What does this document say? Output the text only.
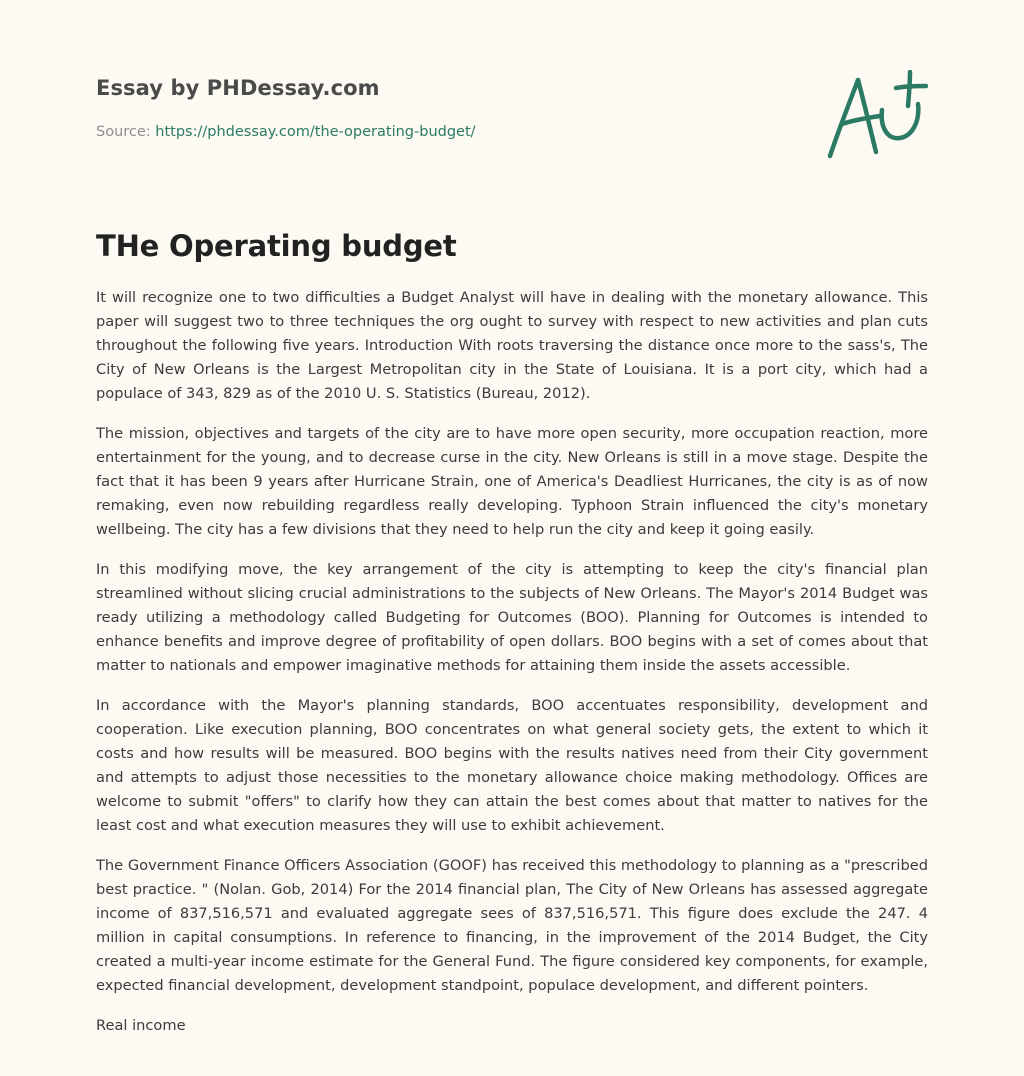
Essay by PHDessay.com
Source: https://phdessay.com/the-operating-budget/
THe Operating budget

It will recognize one to two difficulties a Budget Analyst will have in dealing with the monetary allowance. This paper will suggest two to three techniques the org ought to survey with respect to new activities and plan cuts throughout the following five years. Introduction With roots traversing the distance once more to the sass's, The City of New Orleans is the Largest Metropolitan city in the State of Louisiana. It is a port city, which had a populace of 343, 829 as of the 2010 U. S. Statistics (Bureau, 2012).

The mission, objectives and targets of the city are to have more open security, more occupation reaction, more entertainment for the young, and to decrease curse in the city. New Orleans is still in a move stage. Despite the fact that it has been 9 years after Hurricane Strain, one of America's Deadliest Hurricanes, the city is as of now remaking, even now rebuilding regardless really developing. Typhoon Strain influenced the city's monetary wellbeing. The city has a few divisions that they need to help run the city and keep it going easily.

In this modifying move, the key arrangement of the city is attempting to keep the city's financial plan streamlined without slicing crucial administrations to the subjects of New Orleans. The Mayor's 2014 Budget was ready utilizing a methodology called Budgeting for Outcomes (BOO). Planning for Outcomes is intended to enhance benefits and improve degree of profitability of open dollars. BOO begins with a set of comes about that matter to nationals and empower imaginative methods for attaining them inside the assets accessible.

In accordance with the Mayor's planning standards, BOO accentuates responsibility, development and cooperation. Like execution planning, BOO concentrates on what general society gets, the extent to which it costs and how results will be measured. BOO begins with the results natives need from their City government and attempts to adjust those necessities to the monetary allowance choice making methodology. Offices are welcome to submit "offers" to clarify how they can attain the best comes about that matter to natives for the least cost and what execution measures they will use to exhibit achievement.

The Government Finance Officers Association (GOOF) has received this methodology to planning as a "prescribed best practice. " (Nolan. Gob, 2014) For the 2014 financial plan, The City of New Orleans has assessed aggregate income of 837,516,571 and evaluated aggregate sees of 837,516,571. This figure does exclude the 247. 4 million in capital consumptions. In reference to financing, in the improvement of the 2014 Budget, the City created a multi-year income estimate for the General Fund. The figure considered key components, for example, expected financial development, development standpoint, populace development, and different pointers.

Real income
